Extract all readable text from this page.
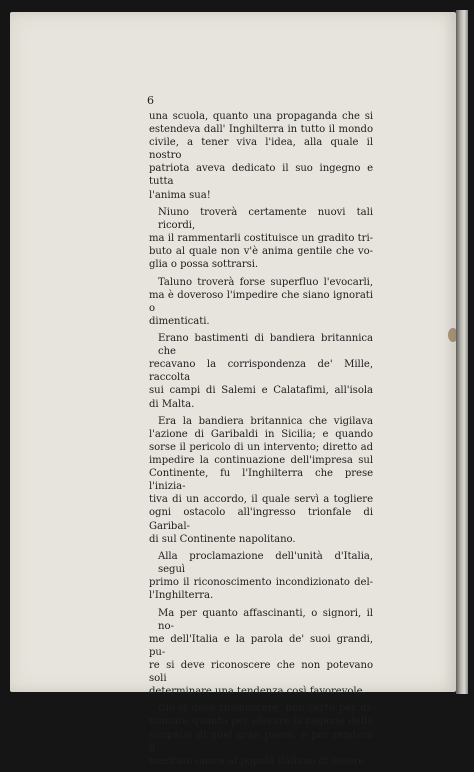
6
una scuola, quanto una propaganda che si
estendeva dall' Inghilterra in tutto il mondo
civile, a tener viva l'idea, alla quale il nostro
patriota aveva dedicato il suo ingegno e tutta
l'anima sua!
Niuno troverà certamente nuovi tali ricordi,
ma il rammentarli costituisce un gradito tri-
buto al quale non v'è anima gentile che vo-
glia o possa sottrarsi.
Taluno troverà forse superfluo l'evocarli,
ma è doveroso l'impedire che siano ignorati o
dimenticati.
Erano bastimenti di bandiera britannica che
recavano la corrispondenza de' Mille, raccolta
sui campi di Salemi e Calatafimi, all'isola
di Malta.
Era la bandiera britannica che vigilava
l'azione di Garibaldi in Sicilia; e quando
sorse il pericolo di un intervento; diretto ad
impedire la continuazione dell'impresa sul
Continente, fu l'Inghilterra che prese l'inizia-
tiva di un accordo, il quale servì a togliere
ogni ostacolo all'ingresso trionfale di Garibal-
di sul Continente napolitano.
Alla proclamazione dell'unità d'Italia, seguì
primo il riconoscimento incondizionato del-
l'Inghilterra.
Ma per quanto affascinanti, o signori, il no-
me dell'Italia e la parola de' suoi grandi, pu-
re si deve riconoscere che non potevano soli
determinare una tendenza così favorevole.
Ciò si deve riconoscere, non certo per di-
minuire quanto per elevare la ragione delle
simpatie di quel gran paese, e per rendere il
meritato onore al popolo italiano di essere
